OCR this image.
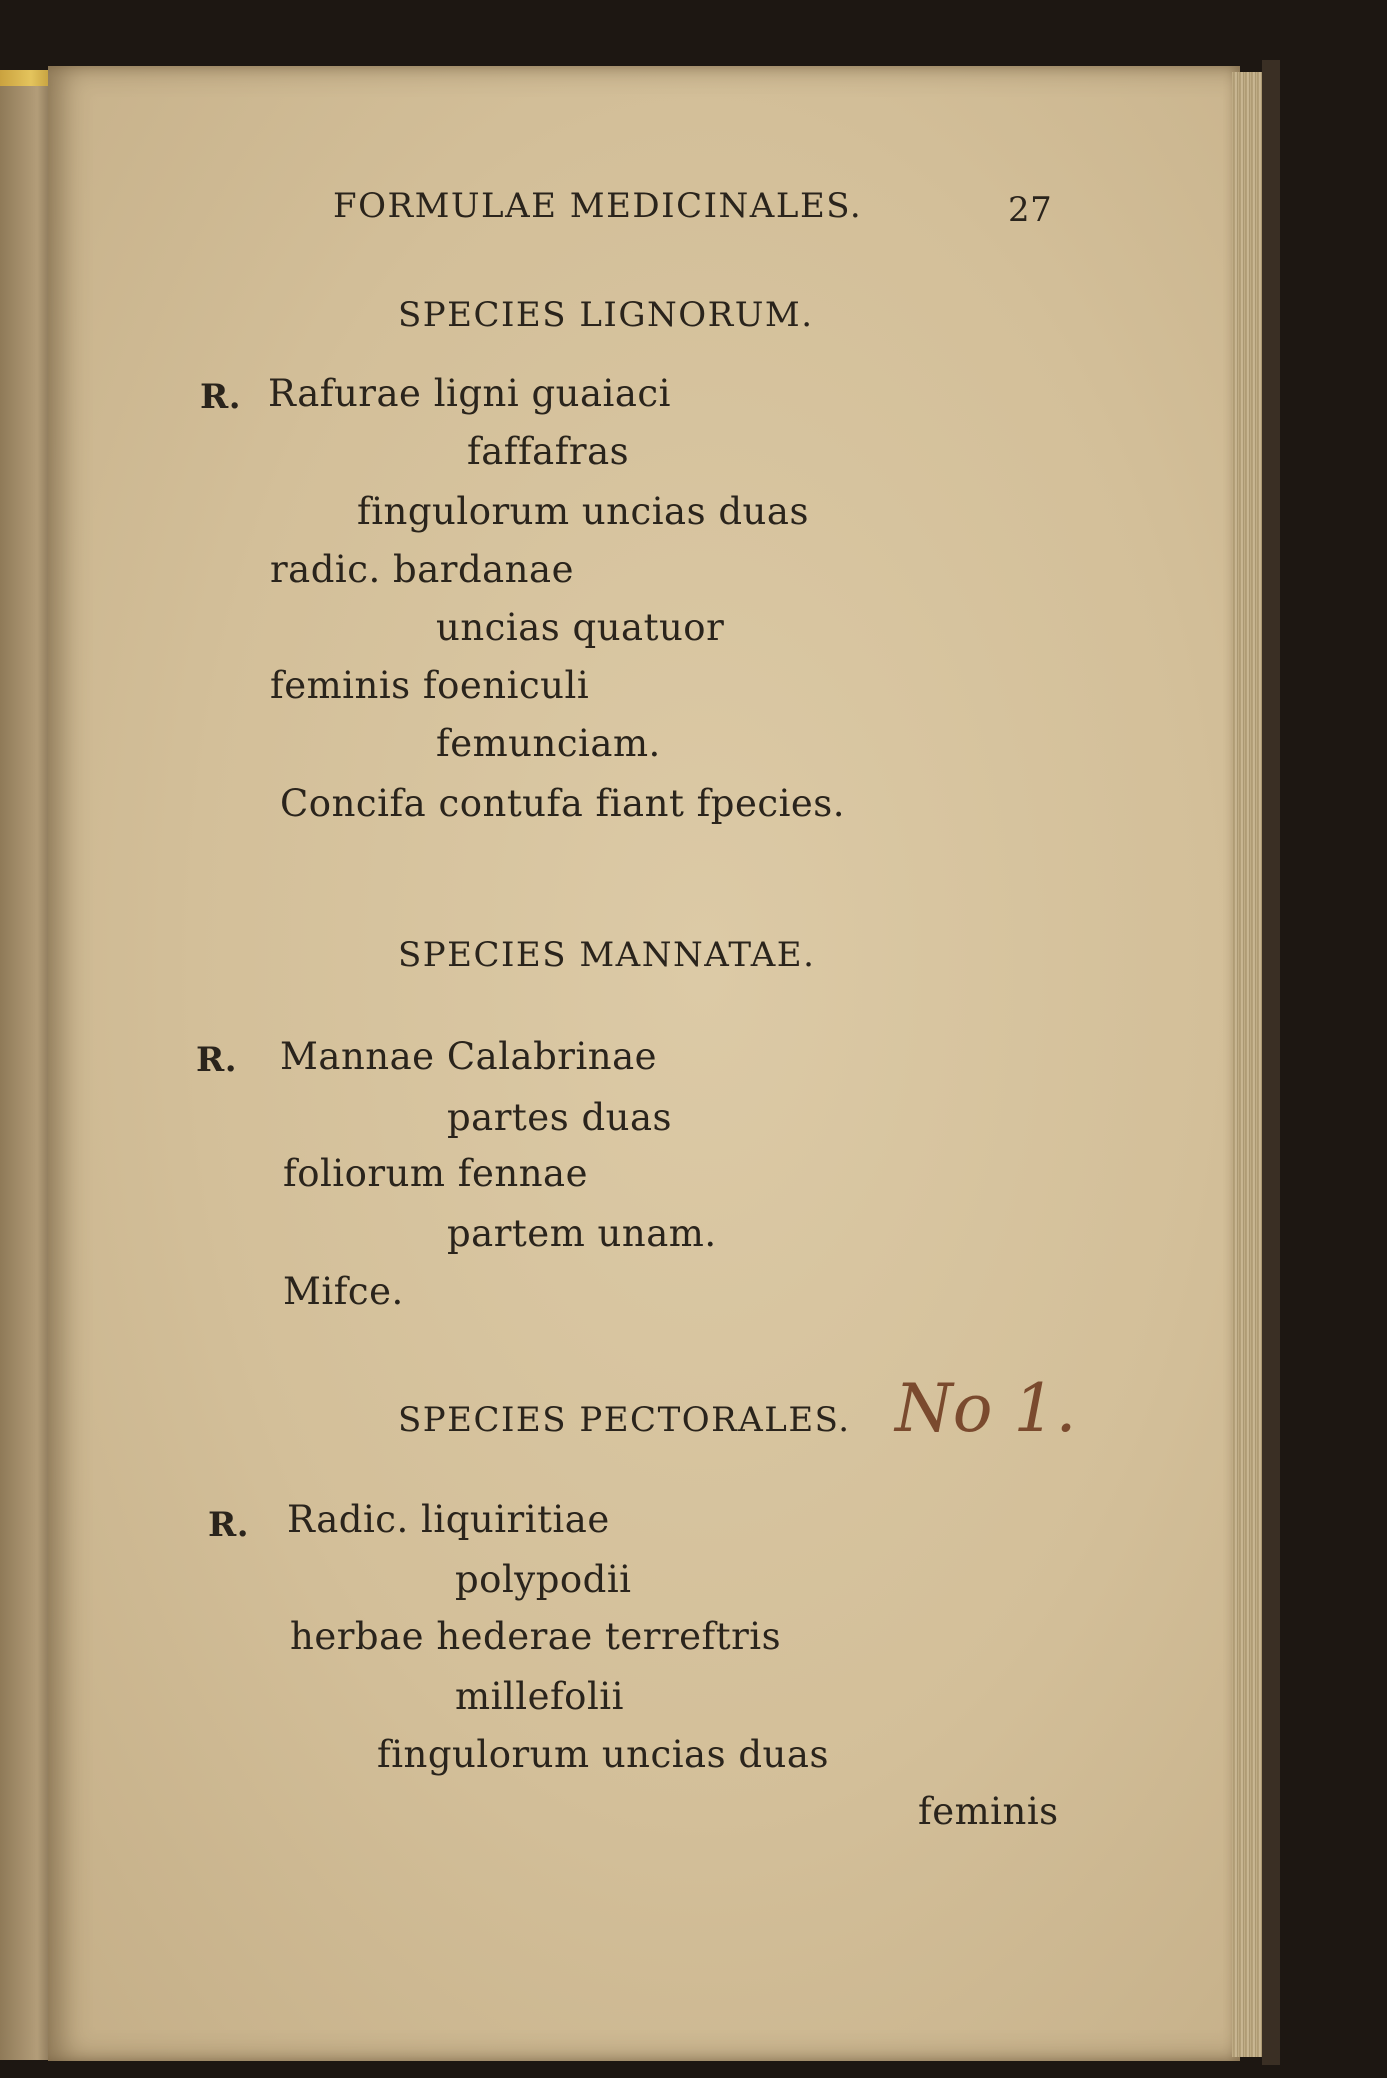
FORMULAE MEDICINALES.	27
SPECIES LIGNORUM.
R. Rafurae ligni guaiaci
faffafras
fingulorum uncias duas
radic. bardanae
uncias quatuor
feminis foeniculi
femunciam.
Concifa contufa fiant fpecies.
SPECIES MANNATAE.
R. Mannae Calabrinae
partes duas
foliorum fennae
partem unam.
Mifce.
SPECIES PECTORALES. No 1.
R. Radic. liquiritiae
polypodii
herbae hederae terreftris
millefolii
fingulorum uncias duas
feminis
